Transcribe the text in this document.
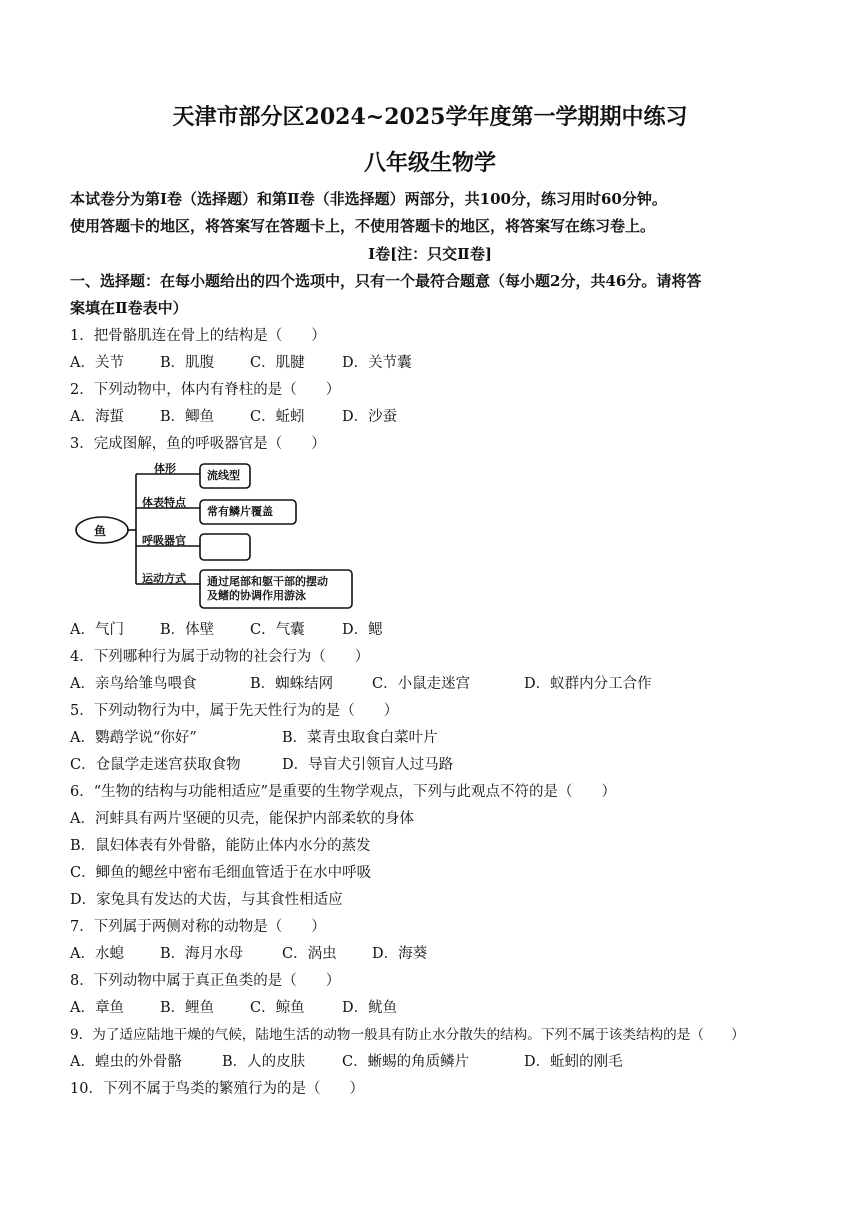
天津市部分区2024~2025学年度第一学期期中练习
八年级生物学
本试卷分为第Ⅰ卷（选择题）和第Ⅱ卷（非选择题）两部分，共100分，练习用时60分钟。
使用答题卡的地区，将答案写在答题卡上，不使用答题卡的地区，将答案写在练习卷上。
Ⅰ卷[注：只交Ⅱ卷]
一、选择题：在每小题给出的四个选项中，只有一个最符合题意（每小题2分，共46分。请将答
案填在Ⅱ卷表中）
1．把骨骼肌连在骨上的结构是（　　）
A．关节 B．肌腹 C．肌腱	D．关节囊
2．下列动物中，体内有脊柱的是（　　）
A．海蜇 B．鲫鱼 C．蚯蚓	D．沙蚕
3．完成图解，鱼的呼吸器官是（　　）
鱼
体形
体表特点
呼吸器官
运动方式
流线型
常有鳞片覆盖
通过尾部和躯干部的摆动
及鳍的协调作用游泳
A．气门 B．体壁 C．气囊	D．鳃
4．下列哪种行为属于动物的社会行为（　　）
A．亲鸟给雏鸟喂食	B．蜘蛛结网	C．小鼠走迷宫	D．蚁群内分工合作
5．下列动物行为中，属于先天性行为的是（　　）
A．鹦鹉学说“你好”	B．菜青虫取食白菜叶片
C．仓鼠学走迷宫获取食物	D．导盲犬引领盲人过马路
6．“生物的结构与功能相适应”是重要的生物学观点，下列与此观点不符的是（　　）
A．河蚌具有两片坚硬的贝壳，能保护内部柔软的身体
B．鼠妇体表有外骨骼，能防止体内水分的蒸发
C．鲫鱼的鳃丝中密布毛细血管适于在水中呼吸
D．家兔具有发达的犬齿，与其食性相适应
7．下列属于两侧对称的动物是（　　）
A．水螅 B．海月水母	C．涡虫 D．海葵
8．下列动物中属于真正鱼类的是（　　）
A．章鱼 B．鲤鱼 C．鲸鱼	D．鱿鱼
9．为了适应陆地干燥的气候，陆地生活的动物一般具有防止水分散失的结构。下列不属于该类结构的是（　　）
A．蝗虫的外骨骼	B．人的皮肤	C．蜥蜴的角质鳞片	D．蚯蚓的刚毛
10．下列不属于鸟类的繁殖行为的是（　　）
